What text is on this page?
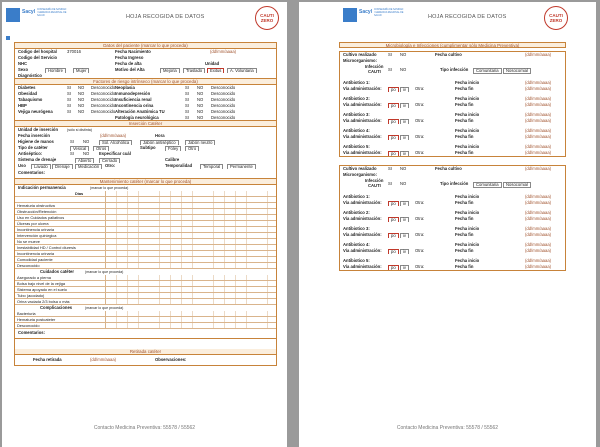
Sacyl CONSEJERÍA DE SANIDAD / GERENCIA REGIONAL DE SALUD	HOJA RECOGIDA DE DATOS	CAUTI
ZERO
Datos del paciente (marcar lo que proceda)
Codigo del hospital 370016	Fecha Nacimiento	(dd/mm/aaaa)
Codigo del Servicio	Fecha Ingreso
NHC	Fecha de alta	Unidad
Sexo	Hombre	Mujer	Motivo del Alta	Mejoria	Traslado	Exitus	A. Voluntaria
Diagnóstico
Factores de riesgo intrínseco (marcar lo que proceda)
Diabetes	SI NO Desconocido Neoplasia	SI NO Desconocido
Obesidad	SI NO Desconocido Inmunodepresión	SI NO Desconocido
Tabaquismo	SI NO Desconocido Insuficiencia renal	SI NO Desconocido
HBP	SI NO Desconocido Incontinencia orina	SI NO Desconocido
Vejiga neurógena	SI NO Desconocido Alteración Anatómica TU	SI NO Desconocido
Patología neurológica	SI NO Desconocido
Inserción Catéter
Unidad de inserción (sólo si distinta)
Fecha inserción	(dd/mm/aaaa)	Hora
Higiene de manos	SI NO	Sol. Alcohólica	Jabón antiséptico	Jabón neutro
Tipo de catéter	Vesical	Otros	Subtipo	Foley	Otro
Antiséptico:	SI NO Especificar cuál
Sistema de drenaje	Abierto	Cerrado	Calibre
Uso	Lavado	Drenaje	Medicación	Otro:	Temporalidad	Temporal	Permanente
Comentarios:
Mantenimiento catéter (marcar lo que proceda)
Indicación permanencia	(marcar lo que proceda)
Días
Hematuria obstructiva
Obstrucción/Retención
Uso en Cuidados paliativos
Úlceras por ulcera
Incontinencia urinaria
Intervención quirúrgica
No se mueve
Inestabilidad HD / Control diuresis
Incontinencia urinaria
Comodidad paciente
Desconocido
Cuidados catéter	(marcar lo que proceda)
Asegurado a pierna
Bolsa bajo nivel de la vejiga
Sistema apoyado en el suelo
Tubo (acodado)
Orina vaciada 2/3 bolsa o más
Complicaciones	(marcar lo que proceda)
Bacteriuria
Hematuria postcateter
Desconocido
Comentarios:
Retirada catéter
Fecha retirada	(dd/mm/aaaa)	Observaciones:
Contacto Medicina Preventiva: 55578 / 55562
Sacyl CONSEJERÍA DE SANIDAD / GERENCIA REGIONAL DE SALUD	HOJA RECOGIDA DE DATOS	CAUTI
ZERO
Microbiología e Infecciones (cumplimentar sólo Medicina Preventiva)
Cultivo realizado	SI NO	Fecha cultivo	(dd/mm/aaaa)
Microorganismo:
Infección
CAUTI SI NO	Tipo infección	Comunitaria	Nosocomial
Antibiotico 1:	Fecha inicio	(dd/mm/aaaa)
Vía administración:	po	iv	Otra:	Fecha fin	(dd/mm/aaaa)
Antibiotico 2:	Fecha inicio	(dd/mm/aaaa)
Vía administración:	po	iv	Otra:	Fecha fin	(dd/mm/aaaa)
Antibiotico 3:	Fecha inicio	(dd/mm/aaaa)
Vía administración:	po	iv	Otra:	Fecha fin	(dd/mm/aaaa)
Antibiotico 4:	Fecha inicio	(dd/mm/aaaa)
Vía administración:	po	iv	Otra:	Fecha fin	(dd/mm/aaaa)
Antibiotico 5:	Fecha inicio	(dd/mm/aaaa)
Vía administración:	po	iv	Otra:	Fecha fin	(dd/mm/aaaa)
Cultivo realizado	SI NO	Fecha cultivo	(dd/mm/aaaa)
Microorganismo:
Infección
CAUTI SI NO	Tipo infección	Comunitaria	Nosocomial
Antibiotico 1:	Fecha inicio	(dd/mm/aaaa)
Vía administración:	po	iv	Otra:	Fecha fin	(dd/mm/aaaa)
Antibiotico 2:	Fecha inicio	(dd/mm/aaaa)
Vía administración:	po	iv	Otra:	Fecha fin	(dd/mm/aaaa)
Antibiotico 3:	Fecha inicio	(dd/mm/aaaa)
Vía administración:	po	iv	Otra:	Fecha fin	(dd/mm/aaaa)
Antibiotico 4:	Fecha inicio	(dd/mm/aaaa)
Vía administración:	po	iv	Otra:	Fecha fin	(dd/mm/aaaa)
Antibiotico 5:	Fecha inicio	(dd/mm/aaaa)
Vía administración:	po	iv	Otra:	Fecha fin	(dd/mm/aaaa)
Contacto Medicina Preventiva: 55578 / 55562
